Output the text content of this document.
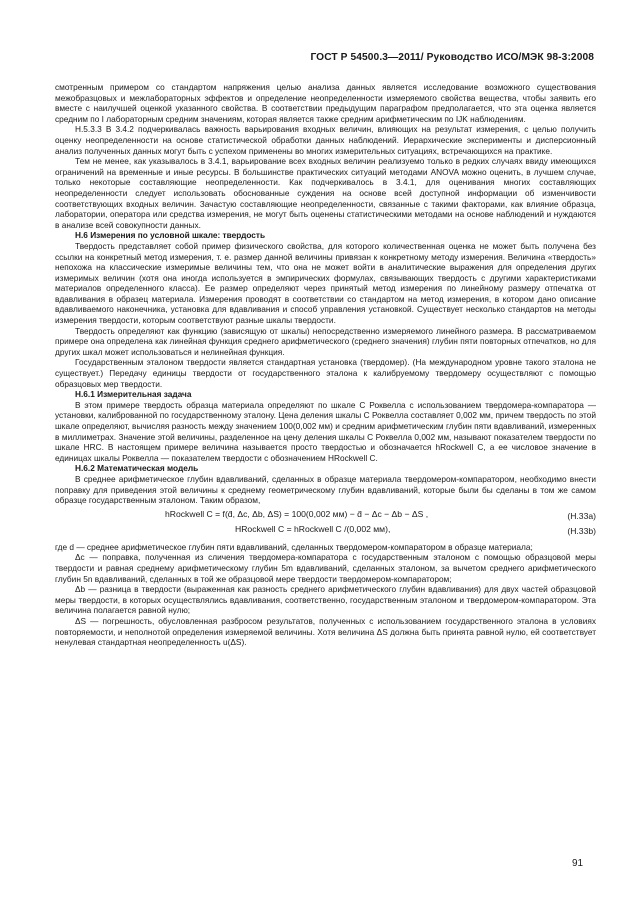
ГОСТ Р 54500.3—2011/ Руководство ИСО/МЭК 98-3:2008

смотренным примером со стандартом напряжения целью анализа данных является исследование возможного существования межобразцовых и межлабораторных эффектов и определение неопределенности измеряемого свойства вещества, чтобы заявить его вместе с наилучшей оценкой указанного свойства. В соответствии предыдущим параграфом предполагается, что эта оценка является средним по I лабораторным средним значениям, которая является также средним арифметическим по IJK наблюдениям.

H.5.3.3 В 3.4.2 подчеркивалась важность варьирования входных величин, влияющих на результат измерения, с целью получить оценку неопределенности на основе статистической обработки данных наблюдений. Иерархические эксперименты и дисперсионный анализ полученных данных могут быть с успехом применены во многих измерительных ситуациях, встречающихся на практике.

Тем не менее, как указывалось в 3.4.1, варьирование всех входных величин реализуемо только в редких случаях ввиду имеющихся ограничений на временные и иные ресурсы. В большинстве практических ситуаций методами ANOVA можно оценить, в лучшем случае, только некоторые составляющие неопределенности. Как подчеркивалось в 3.4.1, для оценивания многих составляющих неопределенности следует использовать обоснованные суждения на основе всей доступной информации об изменчивости соответствующих входных величин. Зачастую составляющие неопределенности, связанные с такими факторами, как влияние образца, лаборатории, оператора или средства измерения, не могут быть оценены статистическими методами на основе наблюдений и нуждаются в анализе всей совокупности данных.

H.6 Измерения по условной шкале: твердость

Твердость представляет собой пример физического свойства, для которого количественная оценка не может быть получена без ссылки на конкретный метод измерения, т. е. размер данной величины привязан к конкретному методу измерения. Величина «твердость» непохожа на классические измеримые величины тем, что она не может войти в аналитические выражения для определения других измеримых величин (хотя она иногда используется в эмпирических формулах, связывающих твердость с другими характеристиками материалов определенного класса). Ее размер определяют через принятый метод измерения по линейному размеру отпечатка от вдавливания в образец материала. Измерения проводят в соответствии со стандартом на метод измерения, в котором дано описание вдавливаемого наконечника, установка для вдавливания и способ управления установкой. Существует несколько стандартов на методы измерения твердости, которым соответствуют разные шкалы твердости.

Твердость определяют как функцию (зависящую от шкалы) непосредственно измеряемого линейного размера. В рассматриваемом примере она определена как линейная функция среднего арифметического (среднего значения) глубин пяти повторных отпечатков, но для других шкал может использоваться и нелинейная функция.

Государственным эталоном твердости является стандартная установка (твердомер). (На международном уровне такого эталона не существует.) Передачу единицы твердости от государственного эталона к калибруемому твердомеру осуществляют с помощью образцовых мер твердости.

H.6.1 Измерительная задача

В этом примере твердость образца материала определяют по шкале С Роквелла с использованием твердомера-компаратора — установки, калиброванной по государственному эталону. Цена деления шкалы С Роквелла составляет 0,002 мм, причем твердость по этой шкале определяют, вычисляя разность между значением 100(0,002 мм) и средним арифметическим глубин пяти вдавливаний, измеренных в миллиметрах. Значение этой величины, разделенное на цену деления шкалы С Роквелла 0,002 мм, называют показателем твердости по шкале HRC. В настоящем примере величина называется просто твердостью и обозначается hRockwell C, а ее числовое значение в единицах шкалы Роквелла — показателем твердости с обозначением HRockwell C.

H.6.2 Математическая модель

В среднее арифметическое глубин вдавливаний, сделанных в образце материала твердомером-компаратором, необходимо внести поправку для приведения этой величины к среднему геометрическому глубин вдавливаний, которые были бы сделаны в том же самом образце государственным эталоном. Таким образом,

hRockwell C = f(d̄, Δc, Δb, ΔS) = 100(0,002 мм) − d̄ − Δc − Δb − ΔS ,	(H.33a)
HRockwell C = hRockwell C /(0,002 мм),	(H.33b)

где d — среднее арифметическое глубин пяти вдавливаний, сделанных твердомером-компаратором в образце материала;

Δc — поправка, полученная из сличения твердомера-компаратора с государственным эталоном с помощью образцовой меры твердости и равная среднему арифметическому глубин 5m вдавливаний, сделанных эталоном, за вычетом среднего арифметического глубин 5n вдавливаний, сделанных в той же образцовой мере твердости твердомером-компаратором;

Δb — разница в твердости (выраженная как разность среднего арифметического глубин вдавливания) для двух частей образцовой меры твердости, в которых осуществлялись вдавливания, соответственно, государственным эталоном и твердомером-компаратором. Эта величина полагается равной нулю;

ΔS — погрешность, обусловленная разбросом результатов, полученных с использованием государственного эталона в условиях повторяемости, и неполнотой определения измеряемой величины. Хотя величина ΔS должна быть принята равной нулю, ей соответствует ненулевая стандартная неопределенность u(ΔS).

91
